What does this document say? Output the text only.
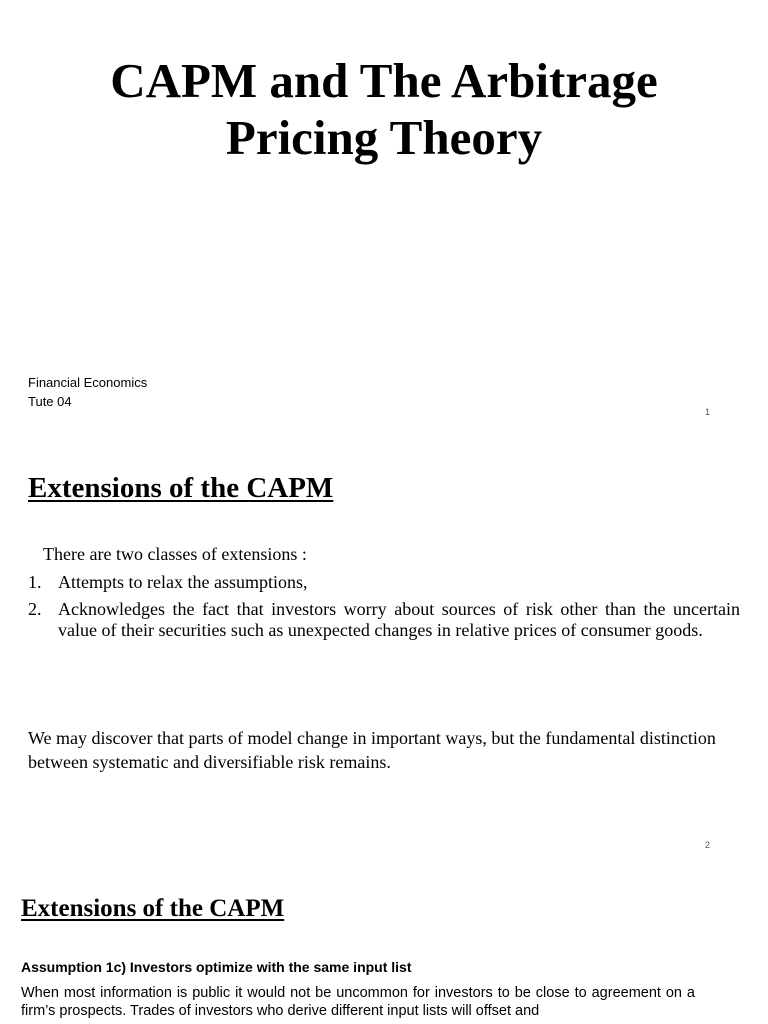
CAPM and The Arbitrage Pricing Theory
Financial Economics
Tute 04
1
Extensions of the CAPM
There are two classes of extensions :
1. Attempts to relax the assumptions,
2. Acknowledges the fact that investors worry about sources of risk other than the uncertain value of their securities such as unexpected changes in relative prices of consumer goods.

We may discover that parts of model change in important ways, but the fundamental distinction between systematic and diversifiable risk remains.

2
Extensions of the CAPM
Assumption 1c) Investors optimize with the same input list

When most information is public it would not be uncommon for investors to be close to agreement on a firm’s prospects. Trades of investors who derive different input lists will offset and
